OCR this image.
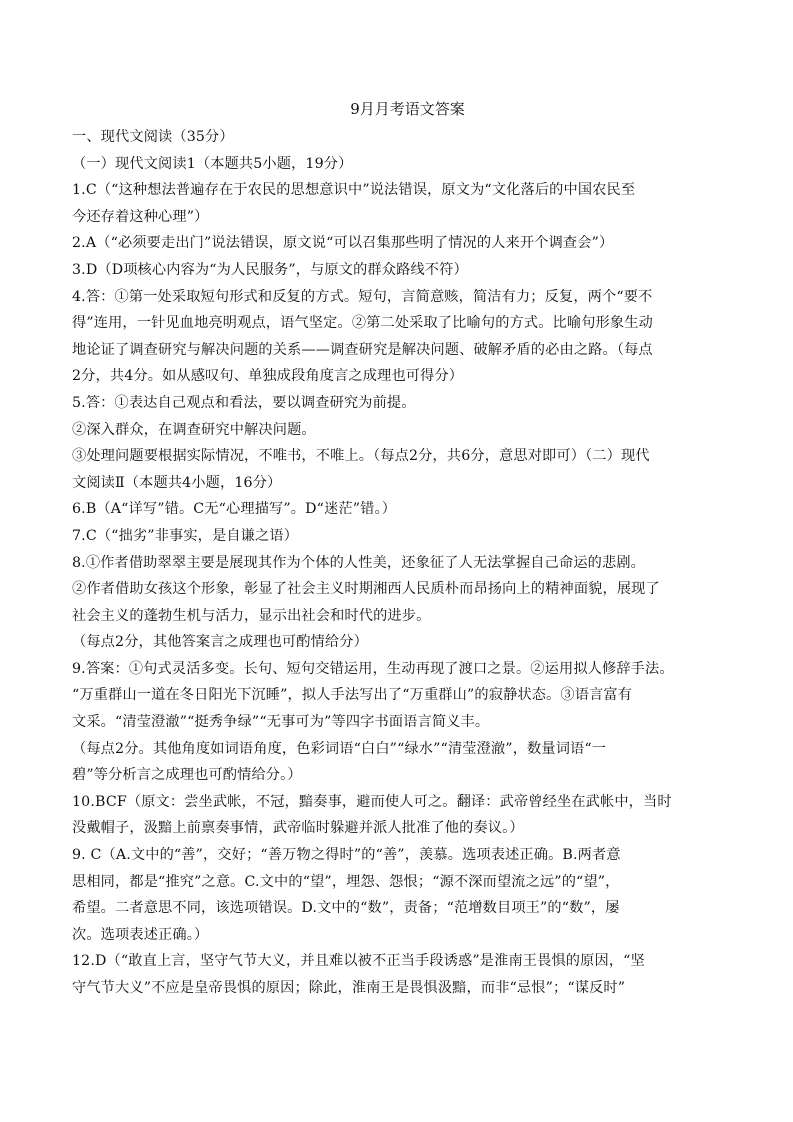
9月月考语文答案
一、现代文阅读（35分）
（一）现代文阅读1（本题共5小题，19分）
1.C（“这种想法普遍存在于农民的思想意识中”说法错误，原文为“文化落后的中国农民至
今还存着这种心理”）
2.A（“必须要走出门”说法错误，原文说“可以召集那些明了情况的人来开个调查会”）
3.D（D项核心内容为“为人民服务”，与原文的群众路线不符）
4.答：①第一处采取短句形式和反复的方式。短句，言简意赅，简洁有力；反复，两个“要不
得”连用，一针见血地亮明观点，语气坚定。②第二处采取了比喻句的方式。比喻句形象生动
地论证了调查研究与解决问题的关系——调查研究是解决问题、破解矛盾的必由之路。（每点
2分，共4分。如从感叹句、单独成段角度言之成理也可得分）
5.答：①表达自己观点和看法，要以调查研究为前提。
②深入群众，在调查研究中解决问题。
③处理问题要根据实际情况，不唯书，不唯上。（每点2分，共6分，意思对即可）（二）现代
文阅读Ⅱ（本题共4小题，16分）
6.B（A“详写”错。C无“心理描写”。D“迷茫”错。）
7.C（“拙劣”非事实，是自谦之语）
8.①作者借助翠翠主要是展现其作为个体的人性美，还象征了人无法掌握自己命运的悲剧。
②作者借助女孩这个形象，彰显了社会主义时期湘西人民质朴而昂扬向上的精神面貌，展现了
社会主义的蓬勃生机与活力，显示出社会和时代的进步。
（每点2分，其他答案言之成理也可酌情给分）
9.答案：①句式灵活多变。长句、短句交错运用，生动再现了渡口之景。②运用拟人修辞手法。
“万重群山一道在冬日阳光下沉睡”，拟人手法写出了“万重群山”的寂静状态。③语言富有
文采。“清莹澄澈”“挺秀争绿”“无事可为”等四字书面语言简义丰。
（每点2分。其他角度如词语角度，色彩词语“白白”“绿水”“清莹澄澈”，数量词语“一
碧”等分析言之成理也可酌情给分。）
10.BCF（原文：尝坐武帐，不冠，黯奏事，避而使人可之。翻译：武帝曾经坐在武帐中，当时
没戴帽子，汲黯上前禀奏事情，武帝临时躲避并派人批准了他的奏议。）
9. C（A.文中的“善”，交好；“善万物之得时”的“善”，羡慕。选项表述正确。B.两者意
思相同，都是“推究”之意。C.文中的“望”，埋怨、怨恨；“源不深而望流之远”的“望”，
希望。二者意思不同，该选项错误。D.文中的“数”，责备；“范增数目项王”的“数”，屡
次。选项表述正确。）
12.D（“敢直上言，坚守气节大义，并且难以被不正当手段诱惑”是淮南王畏惧的原因，“坚
守气节大义”不应是皇帝畏惧的原因；除此，淮南王是畏惧汲黯，而非“忌恨”；“谋反时”
